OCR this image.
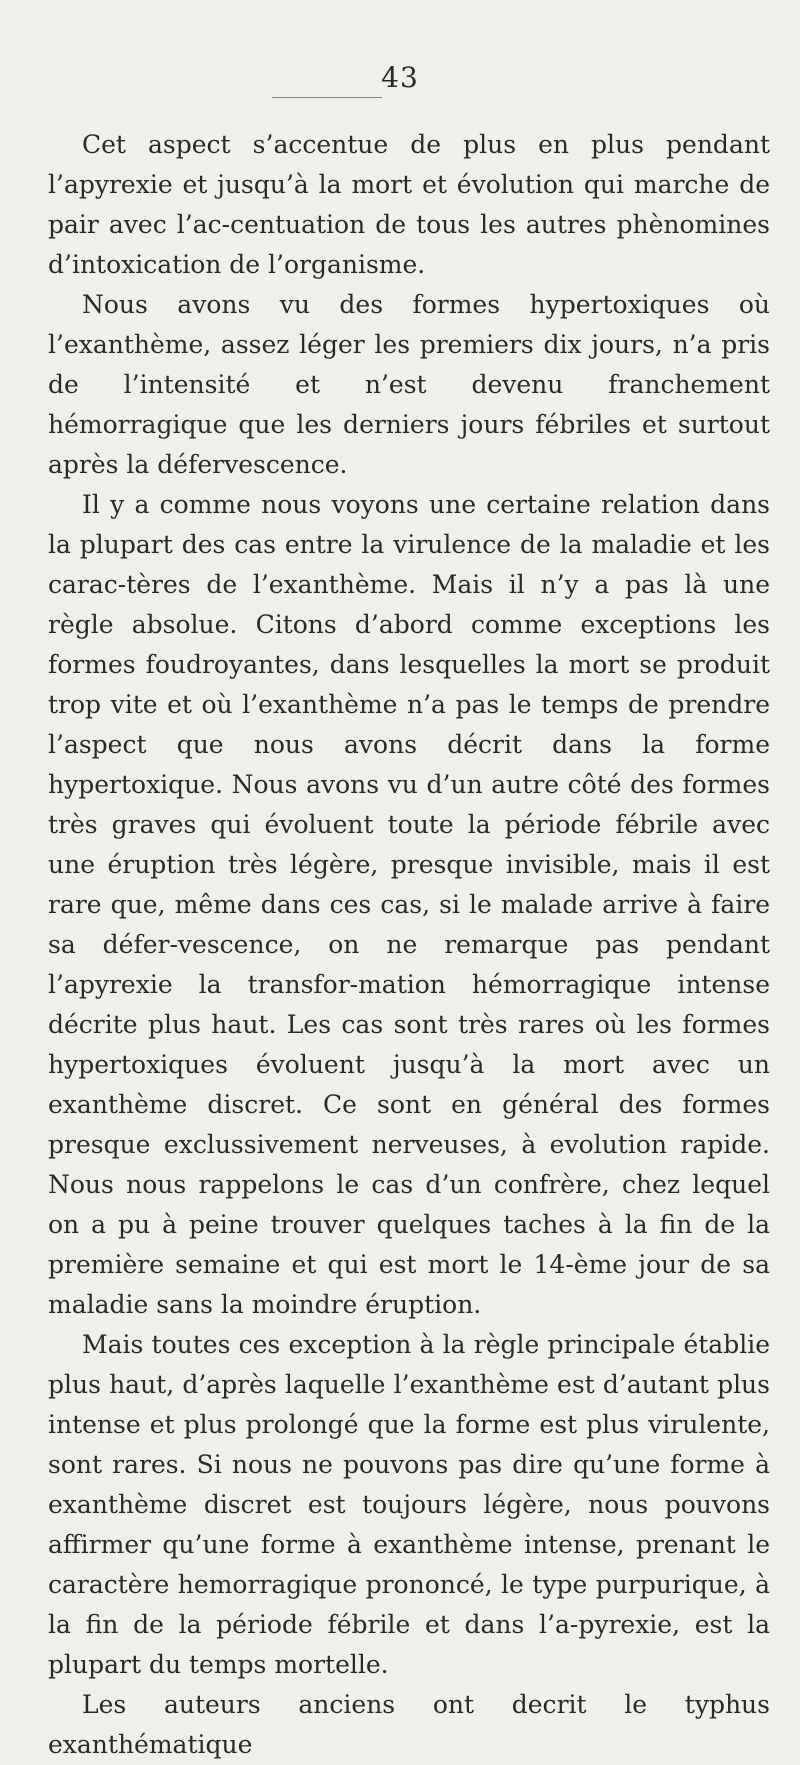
43

Cet aspect s’accentue de plus en plus pendant l’apyrexie et jusqu’à la mort et évolution qui marche de pair avec l’ac-centuation de tous les autres phènomines d’intoxication de l’organisme.

Nous avons vu des formes hypertoxiques où l’exanthème, assez léger les premiers dix jours, n’a pris de l’intensité et n’est devenu franchement hémorragique que les derniers jours fébriles et surtout après la défervescence.

Il y a comme nous voyons une certaine relation dans la plupart des cas entre la virulence de la maladie et les carac-tères de l’exanthème. Mais il n’y a pas là une règle absolue. Citons d’abord comme exceptions les formes foudroyantes, dans lesquelles la mort se produit trop vite et où l’exanthème n’a pas le temps de prendre l’aspect que nous avons décrit dans la forme hypertoxique. Nous avons vu d’un autre côté des formes très graves qui évoluent toute la période fébrile avec une éruption très légère, presque invisible, mais il est rare que, même dans ces cas, si le malade arrive à faire sa défer-vescence, on ne remarque pas pendant l’apyrexie la transfor-mation hémorragique intense décrite plus haut. Les cas sont très rares où les formes hypertoxiques évoluent jusqu’à la mort avec un exanthème discret. Ce sont en général des formes presque exclussivement nerveuses, à evolution rapide. Nous nous rappelons le cas d’un confrère, chez lequel on a pu à peine trouver quelques taches à la fin de la première semaine et qui est mort le 14-ème jour de sa maladie sans la moindre éruption.

Mais toutes ces exception à la règle principale établie plus haut, d’après laquelle l’exanthème est d’autant plus intense et plus prolongé que la forme est plus virulente, sont rares. Si nous ne pouvons pas dire qu’une forme à exanthème discret est toujours légère, nous pouvons affirmer qu’une forme à exanthème intense, prenant le caractère hemorragique prononcé, le type purpurique, à la fin de la période fébrile et dans l’a-pyrexie, est la plupart du temps mortelle.

Les auteurs anciens ont decrit le typhus exanthématique
